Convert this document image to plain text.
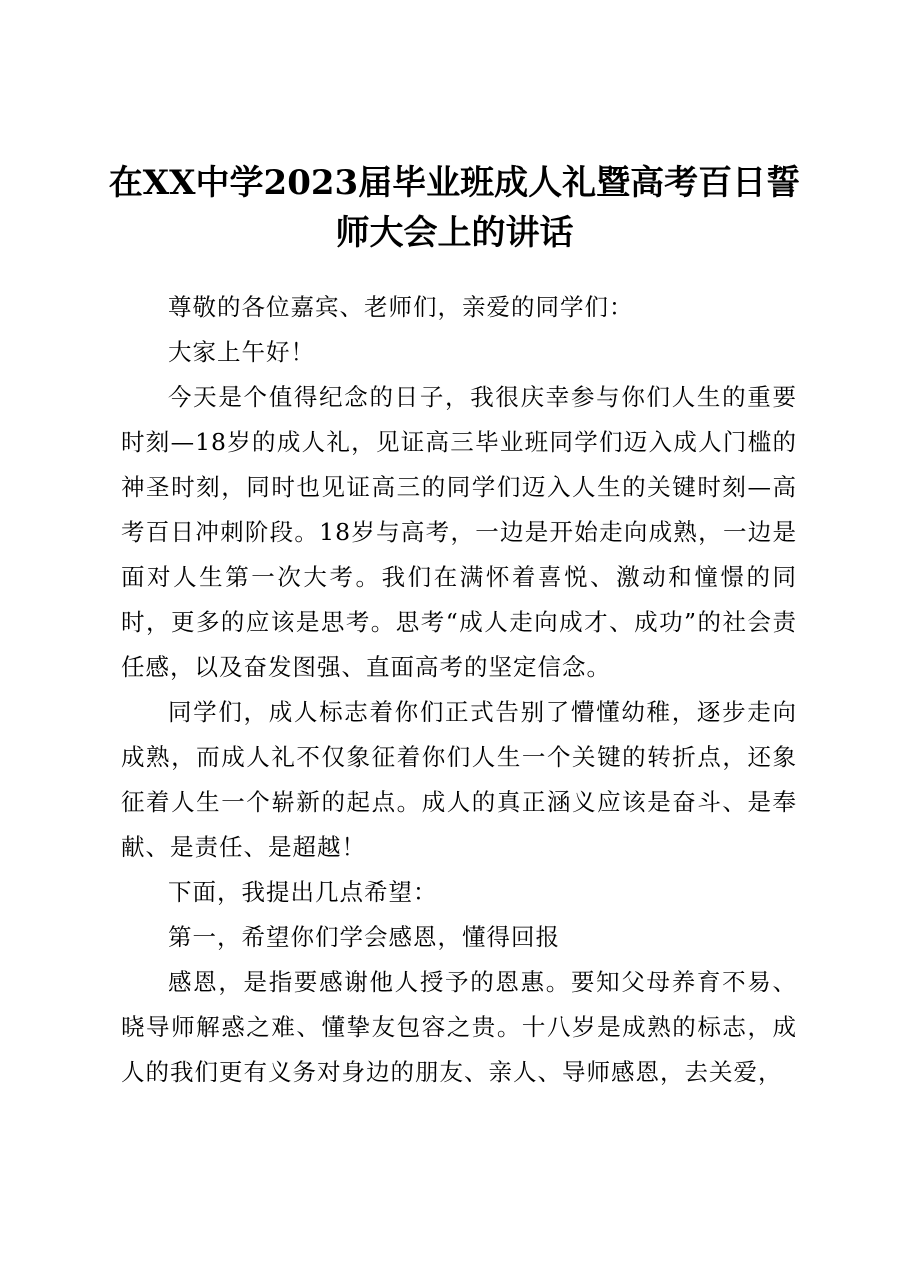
在XX中学2023届毕业班成人礼暨高考百日誓
师大会上的讲话

尊敬的各位嘉宾、老师们，亲爱的同学们：

大家上午好！

今天是个值得纪念的日子，我很庆幸参与你们人生的重要时刻—18岁的成人礼，见证高三毕业班同学们迈入成人门槛的神圣时刻，同时也见证高三的同学们迈入人生的关键时刻—高考百日冲刺阶段。18岁与高考，一边是开始走向成熟，一边是面对人生第一次大考。我们在满怀着喜悦、激动和憧憬的同时，更多的应该是思考。思考“成人走向成才、成功”的社会责任感，以及奋发图强、直面高考的坚定信念。

同学们，成人标志着你们正式告别了懵懂幼稚，逐步走向成熟，而成人礼不仅象征着你们人生一个关键的转折点，还象征着人生一个崭新的起点。成人的真正涵义应该是奋斗、是奉献、是责任、是超越！

下面，我提出几点希望：

第一，希望你们学会感恩，懂得回报

感恩，是指要感谢他人授予的恩惠。要知父母养育不易、晓导师解惑之难、懂挚友包容之贵。十八岁是成熟的标志，成人的我们更有义务对身边的朋友、亲人、导师感恩，去关爱，
